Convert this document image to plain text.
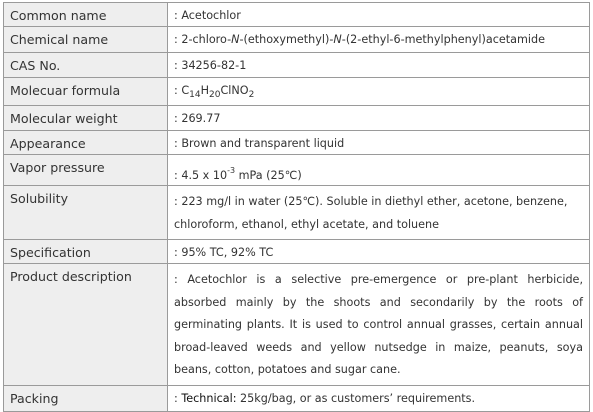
Common name	: Acetochlor
Chemical name	: 2-chloro-N-(ethoxymethyl)-N-(2-ethyl-6-methylphenyl)acetamide
CAS No.	: 34256-82-1
Molecuar formula	: $C_{14}H_{20}ClNO_2$
Molecular weight	: 269.77
Appearance	: Brown and transparent liquid
Vapor pressure	: 4.5 x $10^{-3}$ mPa (25℃)
Solubility	: 223 mg/l in water (25℃). Soluble in diethyl ether, acetone, benzene, chloroform, ethanol, ethyl acetate, and toluene
Specification	: 95% TC, 92% TC
Product description	: Acetochlor is a selective pre-emergence or pre-plant herbicide, absorbed mainly by the shoots and secondarily by the roots of germinating plants. It is used to control annual grasses, certain annual broad-leaved weeds and yellow nutsedge in maize, peanuts, soya beans, cotton, potatoes and sugar cane.
Packing	: Technical: 25kg/bag, or as customers’ requirements.
